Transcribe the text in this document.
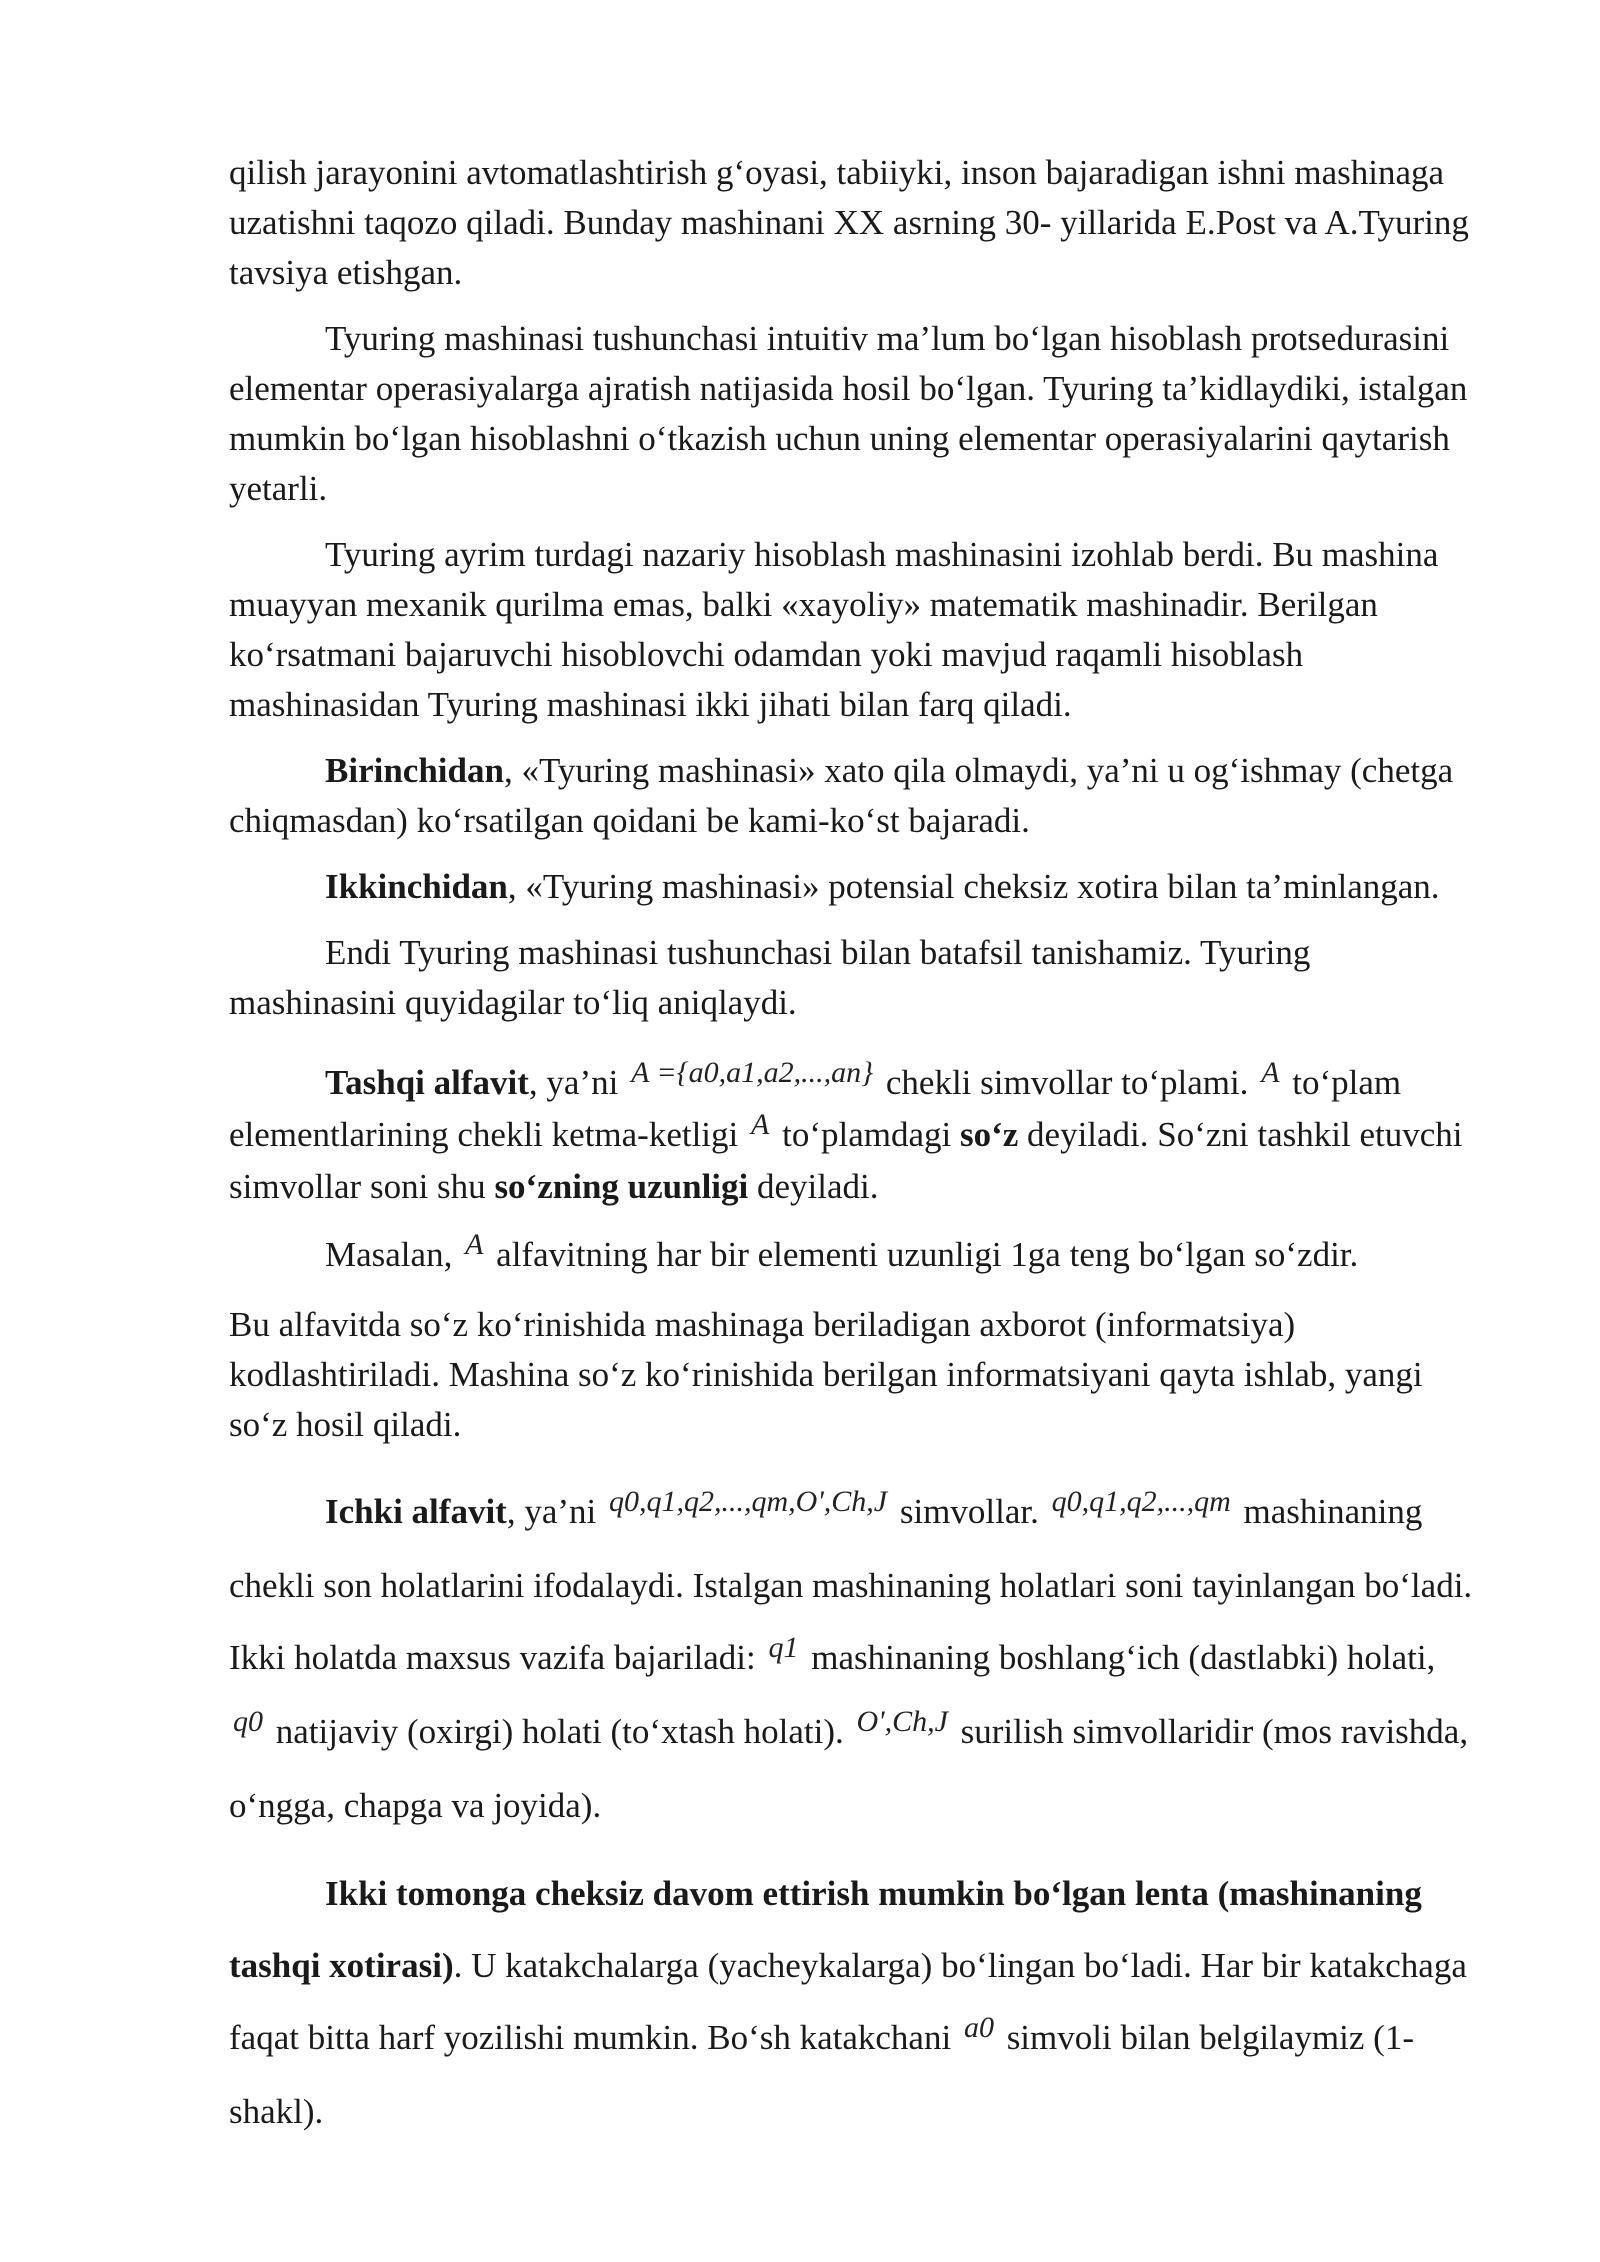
qilish jarayonini avtomatlashtirish g‘oyasi, tabiiyki, inson bajaradigan ishni mashinaga uzatishni taqozo qiladi. Bunday mashinani XX asrning 30- yillarida E.Post va A.Tyuring tavsiya etishgan.

Tyuring mashinasi tushunchasi intuitiv ma’lum bo‘lgan hisoblash protsedurasini elementar operasiyalarga ajratish natijasida hosil bo‘lgan. Tyuring ta’kidlaydiki, istalgan mumkin bo‘lgan hisoblashni o‘tkazish uchun uning elementar operasiyalarini qaytarish yetarli.

Tyuring ayrim turdagi nazariy hisoblash mashinasini izohlab berdi. Bu mashina muayyan mexanik qurilma emas, balki «xayoliy» matematik mashinadir. Berilgan ko‘rsatmani bajaruvchi hisoblovchi odamdan yoki mavjud raqamli hisoblash mashinasidan Tyuring mashinasi ikki jihati bilan farq qiladi.

Birinchidan, «Tyuring mashinasi» xato qila olmaydi, ya’ni u og‘ishmay (chetga chiqmasdan) ko‘rsatilgan qoidani be kami-ko‘st bajaradi.

Ikkinchidan, «Tyuring mashinasi» potensial cheksiz xotira bilan ta’minlangan.

Endi Tyuring mashinasi tushunchasi bilan batafsil tanishamiz. Tyuring mashinasini quyidagilar to‘liq aniqlaydi.

Tashqi alfavit, ya’ni A ={a0,a1,a2,...,an} chekli simvollar to‘plami. A to‘plam elementlarining chekli ketma-ketligi A to‘plamdagi so‘z deyiladi. So‘zni tashkil etuvchi simvollar soni shu so‘zning uzunligi deyiladi.

Masalan, A alfavitning har bir elementi uzunligi 1ga teng bo‘lgan so‘zdir.

Bu alfavitda so‘z ko‘rinishida mashinaga beriladigan axborot (informatsiya) kodlashtiriladi. Mashina so‘z ko‘rinishida berilgan informatsiyani qayta ishlab, yangi so‘z hosil qiladi.

Ichki alfavit, ya’ni q0,q1,q2,...,qm,O',Ch,J simvollar. q0,q1,q2,...,qm mashinaning chekli son holatlarini ifodalaydi. Istalgan mashinaning holatlari soni tayinlangan bo‘ladi. Ikki holatda maxsus vazifa bajariladi: q1 mashinaning boshlang‘ich (dastlabki) holati, q0 natijaviy (oxirgi) holati (to‘xtash holati). O',Ch,J surilish simvollaridir (mos ravishda, o‘ngga, chapga va joyida).

Ikki tomonga cheksiz davom ettirish mumkin bo‘lgan lenta (mashinaning tashqi xotirasi). U katakchalarga (yacheykalarga) bo‘lingan bo‘ladi. Har bir katakchaga faqat bitta harf yozilishi mumkin. Bo‘sh katakchani a0 simvoli bilan belgilaymiz (1-shakl).
